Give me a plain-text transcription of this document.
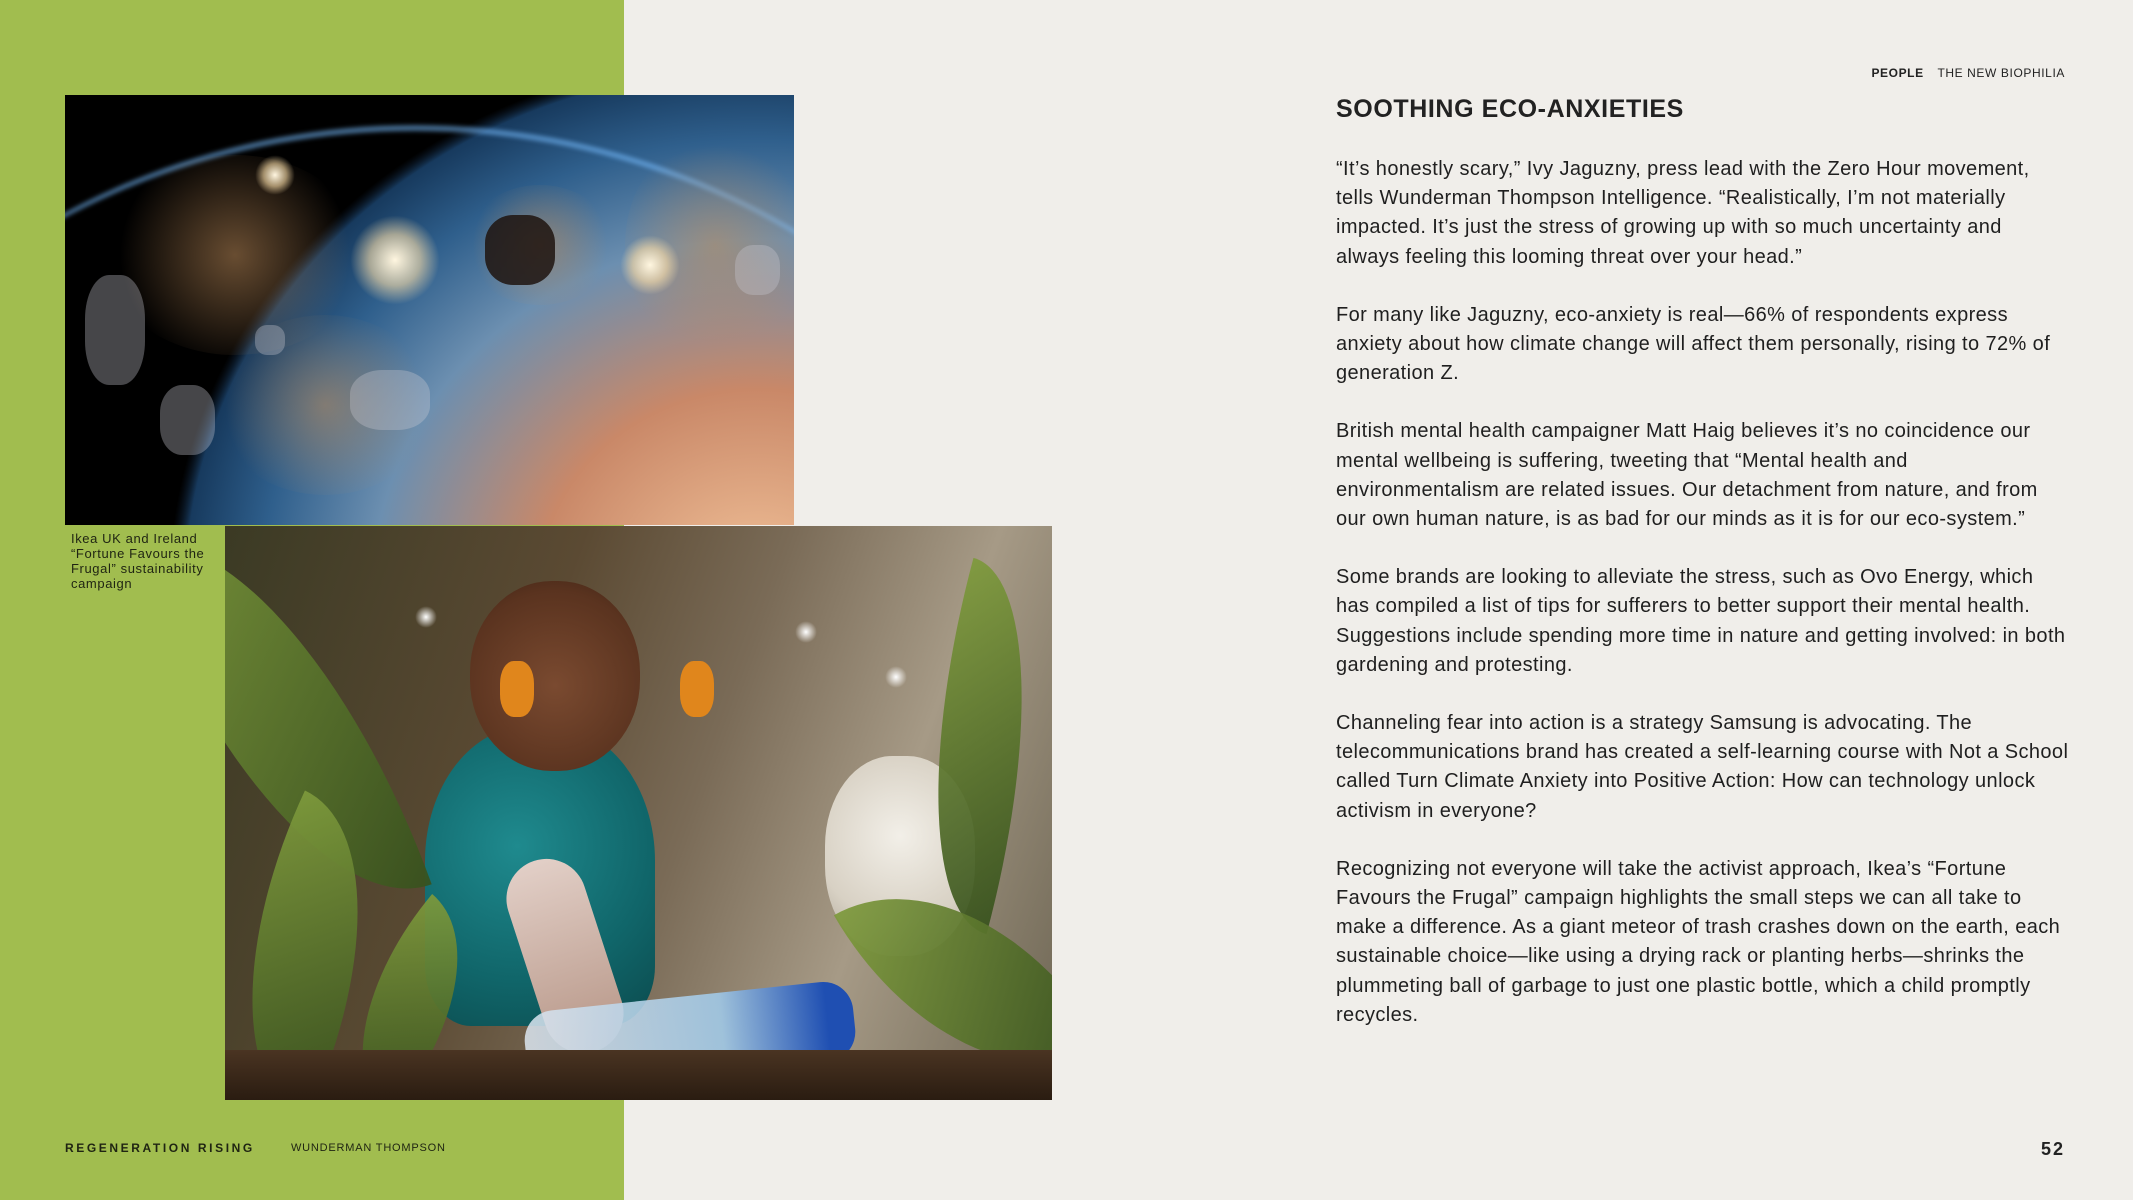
Ikea UK and Ireland
“Fortune Favours the
Frugal” sustainability
campaign

PEOPLE THE NEW BIOPHILIA
SOOTHING ECO-ANXIETIES

“It’s honestly scary,” Ivy Jaguzny, press lead with the Zero Hour movement, tells Wunderman Thompson Intelligence. “Realistically, I’m not materially impacted. It’s just the stress of growing up with so much uncertainty and always feeling this looming threat over your head.”

For many like Jaguzny, eco-anxiety is real—66% of respondents express anxiety about how climate change will affect them personally, rising to 72% of generation Z.

British mental health campaigner Matt Haig believes it’s no coincidence our mental wellbeing is suffering, tweeting that “Mental health and environmentalism are related issues. Our detachment from nature, and from our own human nature, is as bad for our minds as it is for our eco-system.”

Some brands are looking to alleviate the stress, such as Ovo Energy, which has compiled a list of tips for sufferers to better support their mental health. Suggestions include spending more time in nature and getting involved: in both gardening and protesting.

Channeling fear into action is a strategy Samsung is advocating. The telecommunications brand has created a self-learning course with Not a School called Turn Climate Anxiety into Positive Action: How can technology unlock activism in everyone?

Recognizing not everyone will take the activist approach, Ikea’s “Fortune Favours the Frugal” campaign highlights the small steps we can all take to make a difference. As a giant meteor of trash crashes down on the earth, each sustainable choice—like using a drying rack or planting herbs—shrinks the plummeting ball of garbage to just one plastic bottle, which a child promptly recycles.

REGENERATION RISING	WUNDERMAN THOMPSON	52
